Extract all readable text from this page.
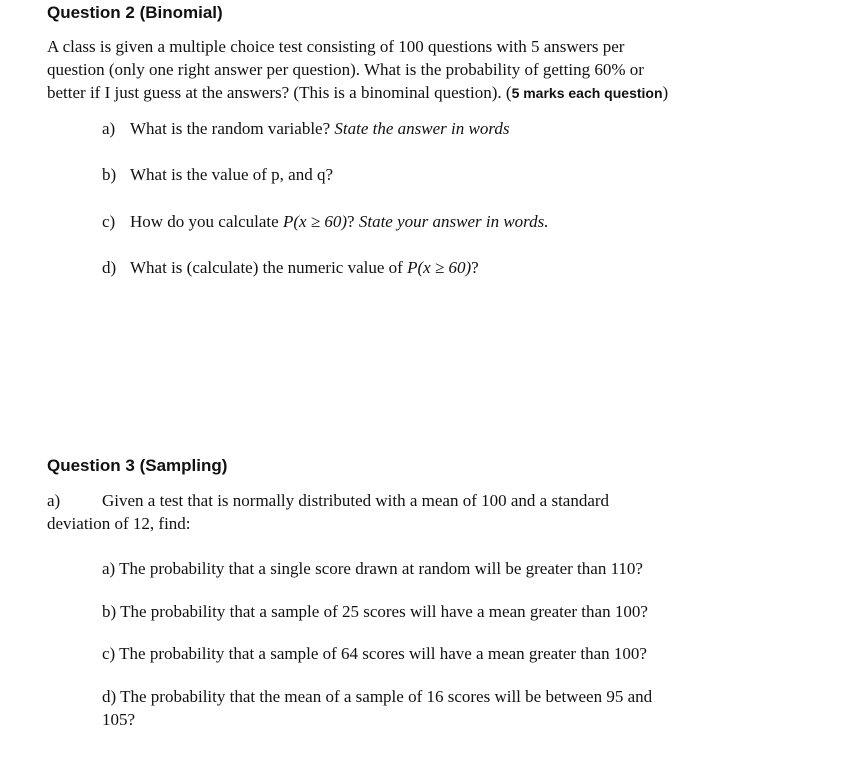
Question 2 (Binomial)
A class is given a multiple choice test consisting of 100 questions with 5 answers per
question (only one right answer per question). What is the probability of getting 60% or
better if I just guess at the answers? (This is a binominal question). (5 marks each question)
a) What is the random variable? State the answer in words
b) What is the value of p, and q?
c) How do you calculate P(x ≥ 60)? State your answer in words.
d) What is (calculate) the numeric value of P(x ≥ 60)?
Question 3 (Sampling)
a) Given a test that is normally distributed with a mean of 100 and a standard
deviation of 12, find:
a) The probability that a single score drawn at random will be greater than 110?
b) The probability that a sample of 25 scores will have a mean greater than 100?
c) The probability that a sample of 64 scores will have a mean greater than 100?
d) The probability that the mean of a sample of 16 scores will be between 95 and
105?
